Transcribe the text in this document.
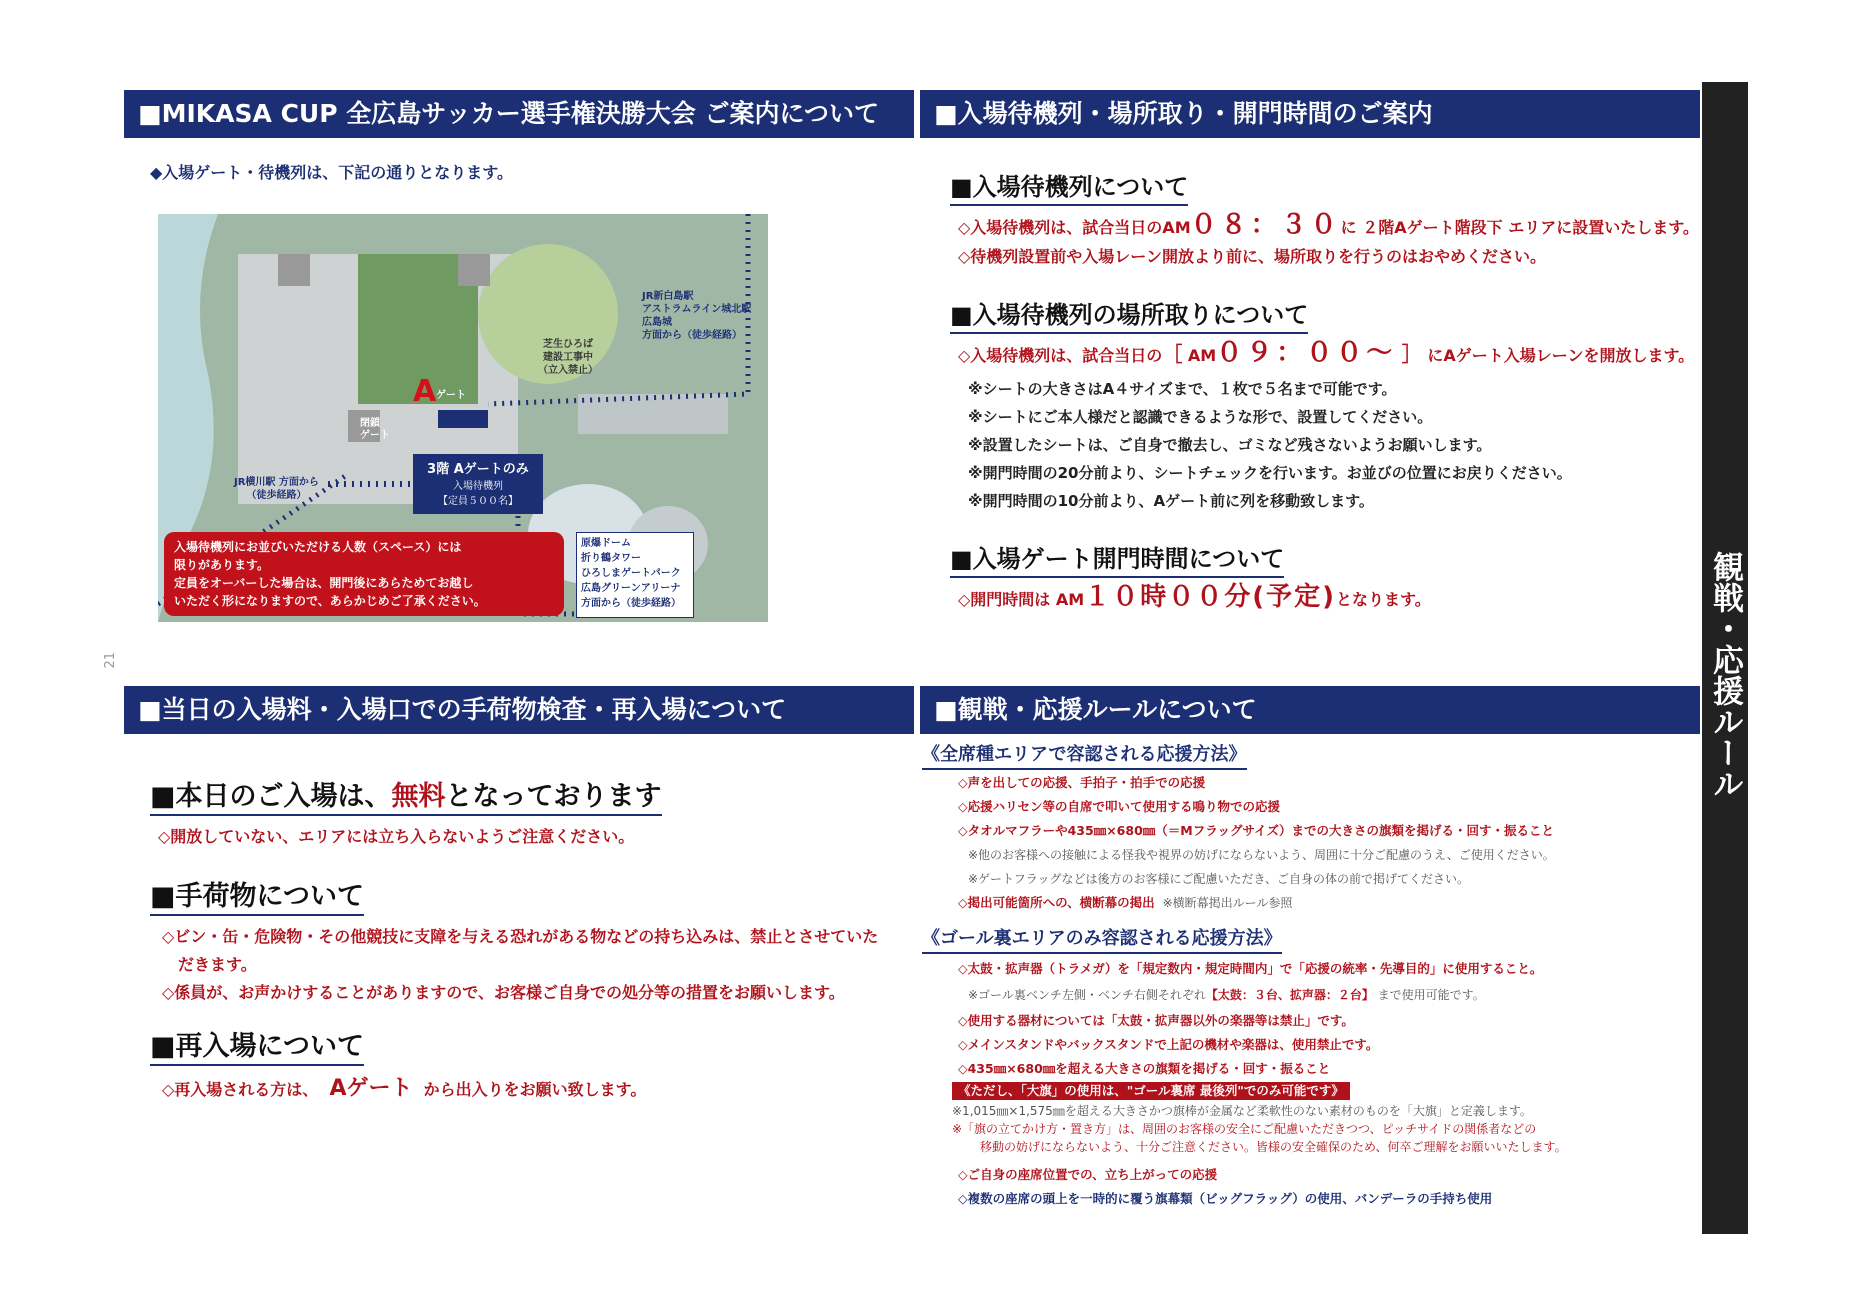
21	観戦・応援ルール
■MIKASA CUP 全広島サッカー選手権決勝大会 ご案内について
◆入場ゲート・待機列は、下記の通りとなります。
A ゲート
閉鎖
ゲート
3階 Aゲートのみ
入場待機列
【定員５００名】
JR横川駅 方面から
（徒歩経路）
JR新白島駅
アストラムライン城北駅
広島城
方面から（徒歩経路）
芝生ひろば
建設工事中
（立入禁止）
原爆ドーム
折り鶴タワー
ひろしまゲートパーク
広島グリーンアリーナ
方面から（徒歩経路）
入場待機列にお並びいただける人数（スペース）には
限りがあります。
定員をオーバーした場合は、開門後にあらためてお越し
いただく形になりますので、あらかじめご了承ください。
■入場待機列・場所取り・開門時間のご案内
■入場待機列について
◇入場待機列は、試合当日のAM０８：３０に ２階Aゲート階段下 エリアに設置いたします。
◇待機列設置前や入場レーン開放より前に、場所取りを行うのはおやめください。
■入場待機列の場所取りについて
◇入場待機列は、試合当日の［ AM０９：００～ ］ にAゲート入場レーンを開放します。
※シートの大きさはA４サイズまで、１枚で５名まで可能です。
※シートにご本人様だと認識できるような形で、設置してください。
※設置したシートは、ご自身で撤去し、ゴミなど残さないようお願いします。
※開門時間の20分前より、シートチェックを行います。お並びの位置にお戻りください。
※開門時間の10分前より、Aゲート前に列を移動致します。
■入場ゲート開門時間について
◇開門時間は AM１０時００分(予定)となります。
■当日の入場料・入場口での手荷物検査・再入場について
■本日のご入場は、無料となっております
◇開放していない、エリアには立ち入らないようご注意ください。
■手荷物について
◇ビン・缶・危険物・その他競技に支障を与える恐れがある物などの持ち込みは、禁止とさせていた
だきます。
◇係員が、お声かけすることがありますので、お客様ご自身での処分等の措置をお願いします。
■再入場について
◇再入場される方は、 Aゲート から出入りをお願い致します。
■観戦・応援ルールについて
《全席種エリアで容認される応援方法》
◇声を出しての応援、手拍子・拍手での応援
◇応援ハリセン等の自席で叩いて使用する鳴り物での応援
◇タオルマフラーや435㎜×680㎜（＝Mフラッグサイズ）までの大きさの旗類を掲げる・回す・振ること
※他のお客様への接触による怪我や視界の妨げにならないよう、周囲に十分ご配慮のうえ、ご使用ください。
※ゲートフラッグなどは後方のお客様にご配慮いただき、ご自身の体の前で掲げてください。
◇掲出可能箇所への、横断幕の掲出 ※横断幕掲出ルール参照
《ゴール裏エリアのみ容認される応援方法》
◇太鼓・拡声器（トラメガ）を「規定数内・規定時間内」で「応援の統率・先導目的」に使用すること。
※ゴール裏ベンチ左側・ベンチ右側それぞれ【太鼓：３台、拡声器：２台】 まで使用可能です。
◇使用する器材については「太鼓・拡声器以外の楽器等は禁止」です。
◇メインスタンドやバックスタンドで上記の機材や楽器は、使用禁止です。
◇435㎜×680㎜を超える大きさの旗類を掲げる・回す・振ること
《ただし、「大旗」の使用は、"ゴール裏席 最後列"でのみ可能です》
※1,015㎜×1,575㎜を超える大きさかつ旗棒が金属など柔軟性のない素材のものを「大旗」と定義します。
※「旗の立てかけ方・置き方」は、周囲のお客様の安全にご配慮いただきつつ、ピッチサイドの関係者などの
移動の妨げにならないよう、十分ご注意ください。皆様の安全確保のため、何卒ご理解をお願いいたします。
◇ご自身の座席位置での、立ち上がっての応援
◇複数の座席の頭上を一時的に覆う旗幕類（ビッグフラッグ）の使用、バンデーラの手持ち使用
